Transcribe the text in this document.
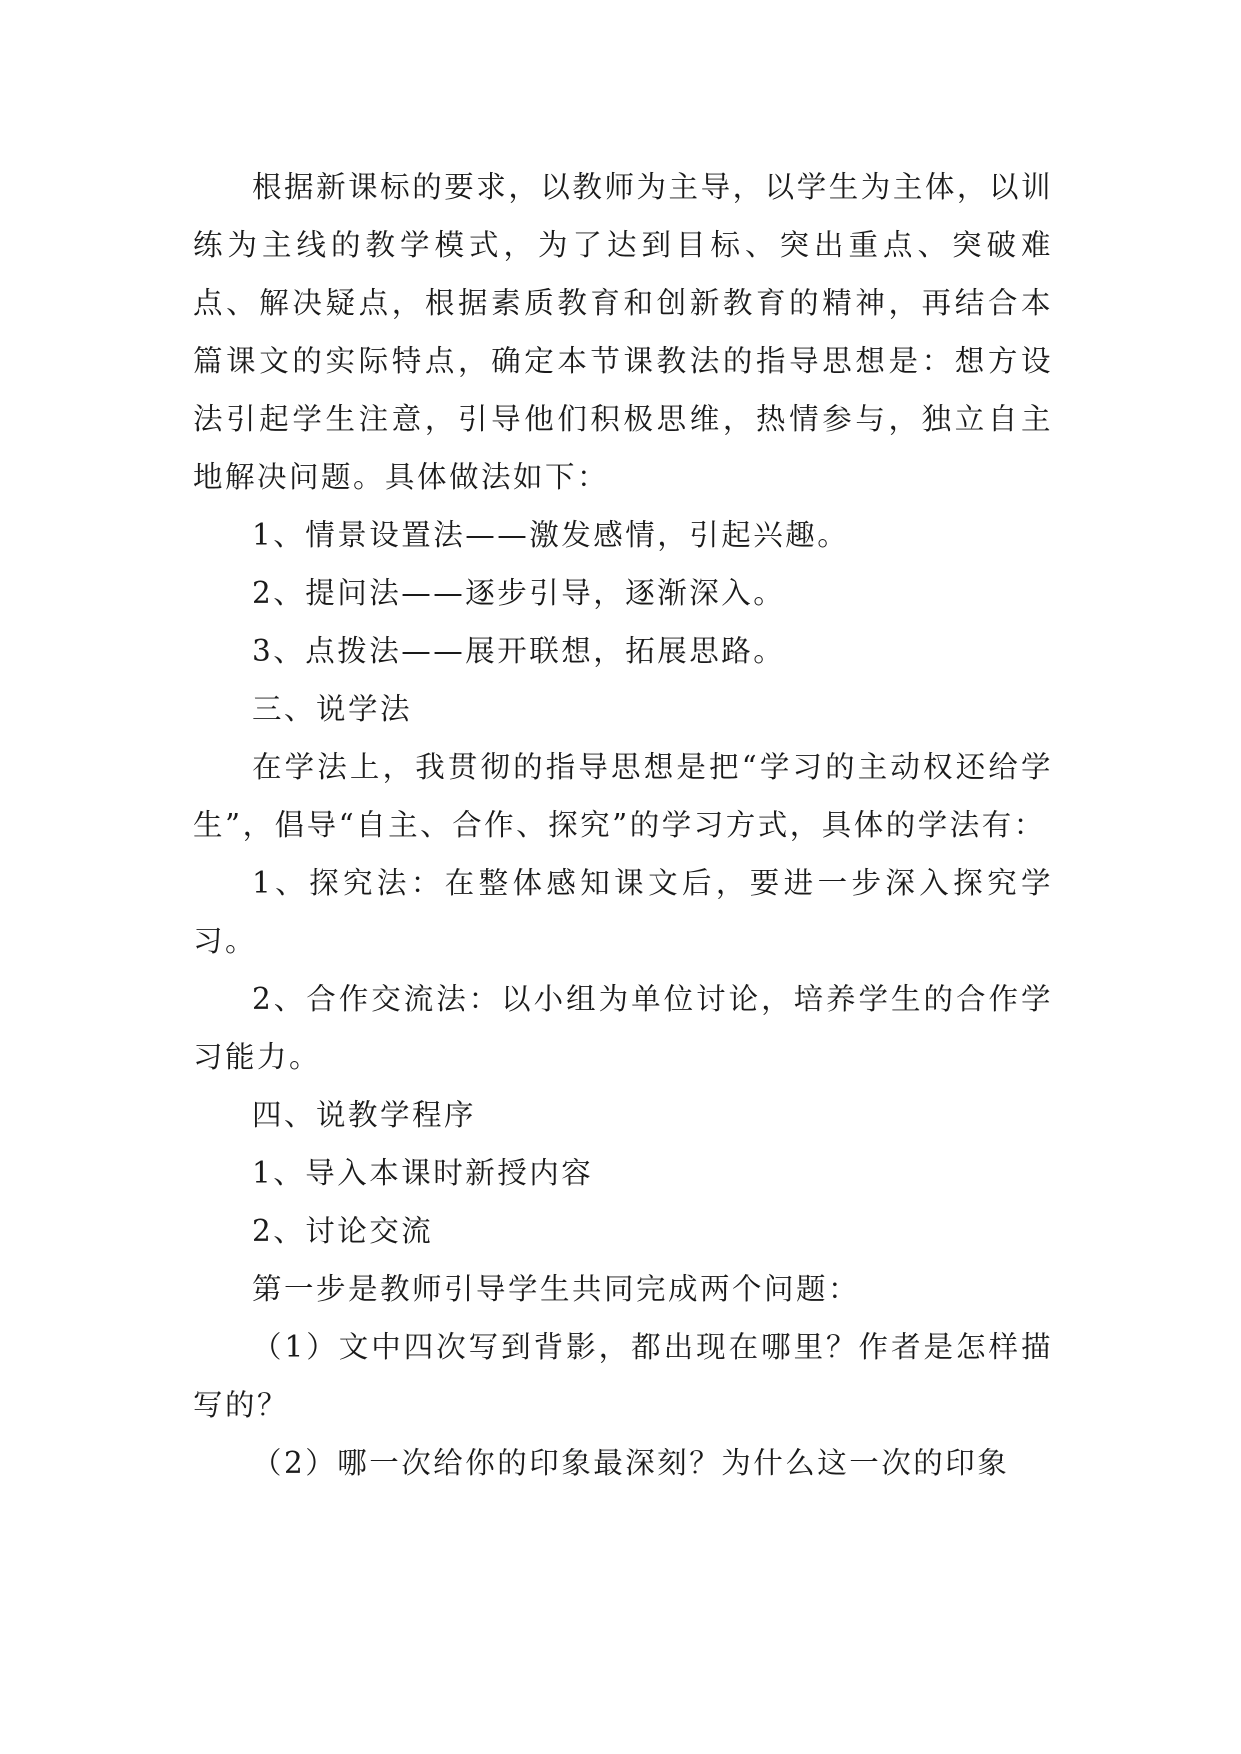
根据新课标的要求，以教师为主导，以学生为主体，以训练为主线的教学模式，为了达到目标、突出重点、突破难点、解决疑点，根据素质教育和创新教育的精神，再结合本篇课文的实际特点，确定本节课教法的指导思想是：想方设法引起学生注意，引导他们积极思维，热情参与，独立自主地解决问题。具体做法如下：

1、情景设置法——激发感情，引起兴趣。

2、提问法——逐步引导，逐渐深入。

3、点拨法——展开联想，拓展思路。

三、说学法

在学法上，我贯彻的指导思想是把“学习的主动权还给学生”，倡导“自主、合作、探究”的学习方式，具体的学法有：

1、探究法：在整体感知课文后，要进一步深入探究学习。

2、合作交流法：以小组为单位讨论，培养学生的合作学习能力。

四、说教学程序

1、导入本课时新授内容

2、讨论交流

第一步是教师引导学生共同完成两个问题：

（1）文中四次写到背影，都出现在哪里？作者是怎样描写的？

（2）哪一次给你的印象最深刻？为什么这一次的印象
